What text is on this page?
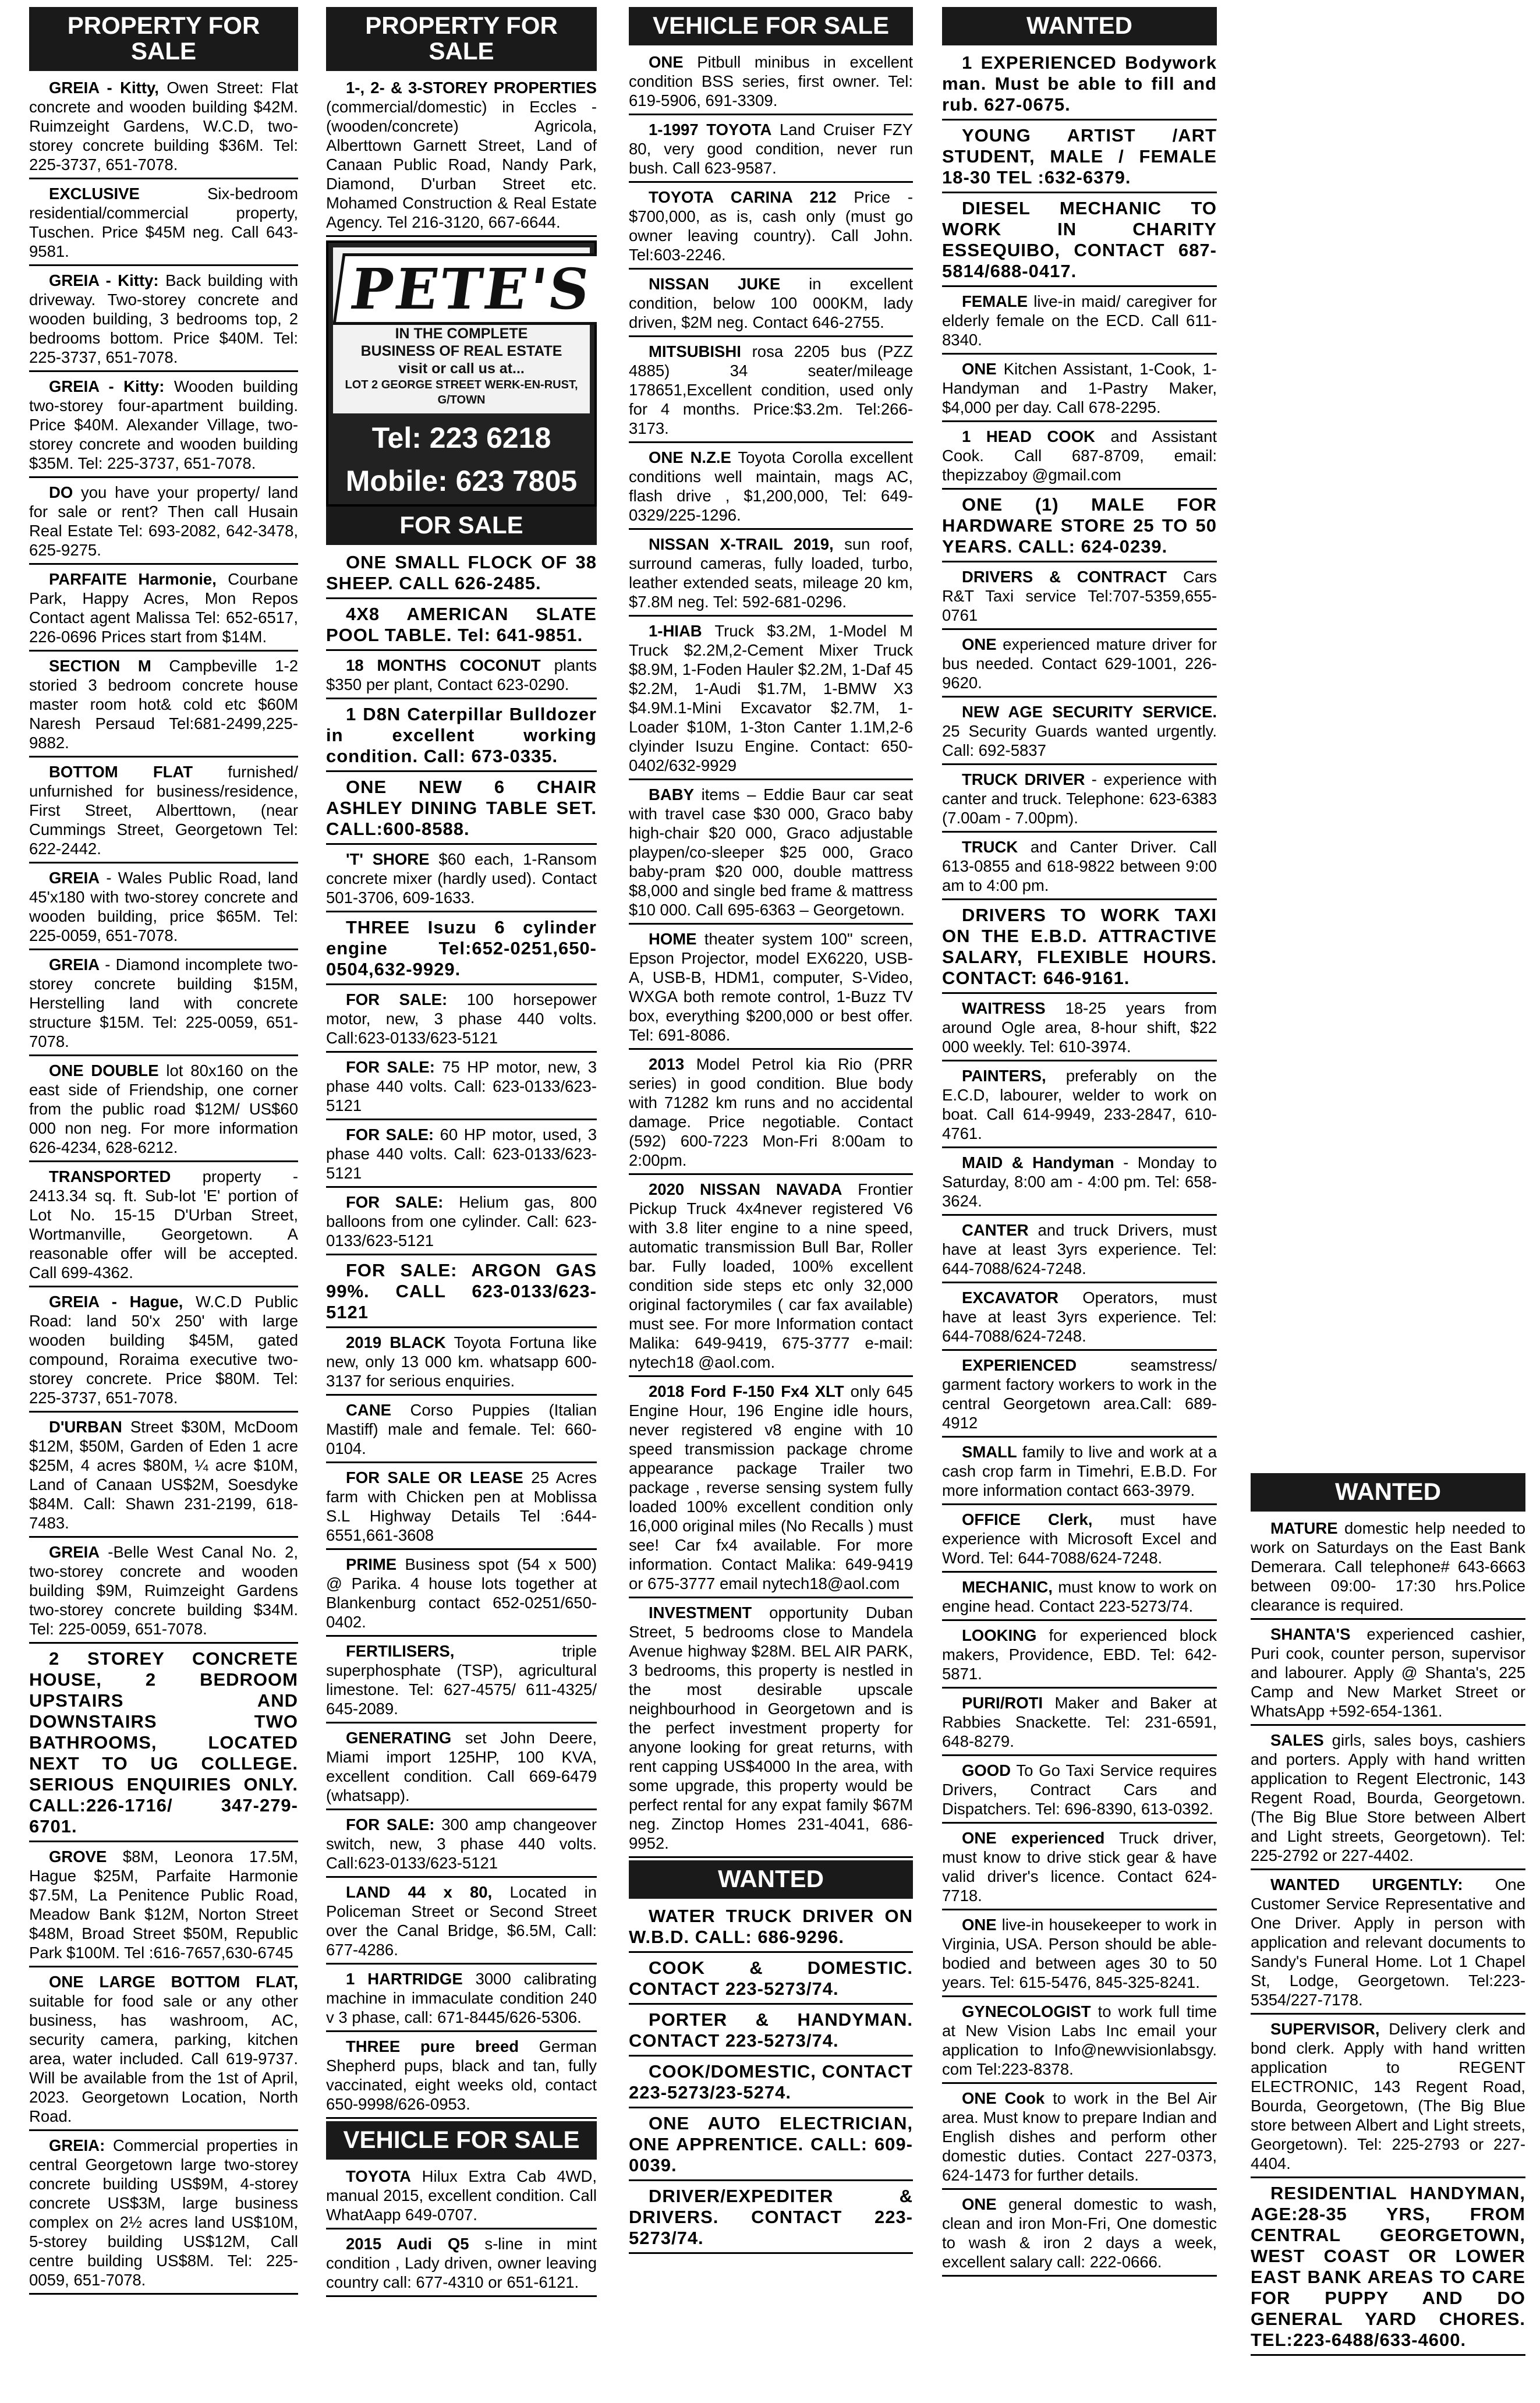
PROPERTY FOR SALE
GREIA - Kitty, Owen Street: Flat concrete and wooden building $42M. Ruimzeight Gardens, W.C.D, two-storey concrete building $36M. Tel: 225-3737, 651-7078.
EXCLUSIVE	Six-bedroom residential/commercial property, Tuschen. Price $45M neg. Call 643-9581.
GREIA - Kitty: Back building with driveway. Two-storey concrete and wooden building, 3 bedrooms top, 2 bedrooms bottom. Price $40M. Tel: 225-3737, 651-7078.
GREIA - Kitty: Wooden building two-storey four-apartment building. Price $40M. Alexander Village, two-storey concrete and wooden building $35M. Tel: 225-3737, 651-7078.
DO you have your property/ land for sale or rent? Then call Husain Real Estate Tel: 693-2082, 642-3478, 625-9275.
PARFAITE Harmonie, Courbane Park, Happy Acres, Mon Repos Contact agent Malissa Tel: 652-6517, 226-0696 Prices start from $14M.
SECTION M Campbeville 1-2 storied 3 bedroom concrete house master room hot& cold etc $60M Naresh Persaud Tel:681-2499,225-9882.
BOTTOM FLAT furnished/ unfurnished for business/residence, First Street, Alberttown, (near Cummings Street, Georgetown Tel: 622-2442.
GREIA - Wales Public Road, land 45'x180 with two-storey concrete and wooden building, price $65M. Tel: 225-0059, 651-7078.
GREIA - Diamond incomplete two-storey concrete building $15M, Herstelling land with concrete structure $15M. Tel: 225-0059, 651-7078.
ONE DOUBLE lot 80x160 on the east side of Friendship, one corner from the public road $12M/ US$60 000 non neg. For more information 626-4234, 628-6212.
TRANSPORTED property - 2413.34 sq. ft. Sub-lot 'E' portion of Lot No. 15-15 D'Urban Street, Wortmanville, Georgetown. A reasonable offer will be accepted. Call 699-4362.
GREIA - Hague, W.C.D Public Road: land 50'x 250' with large wooden building $45M, gated compound, Roraima executive two- storey concrete. Price $80M. Tel: 225-3737, 651-7078.
D'URBAN Street $30M, McDoom $12M, $50M, Garden of Eden 1 acre $25M, 4 acres $80M, ¼ acre $10M, Land of Canaan US$2M, Soesdyke $84M. Call: Shawn 231-2199, 618-7483.
GREIA -Belle West Canal No. 2, two-storey concrete and wooden building $9M, Ruimzeight Gardens two-storey concrete building $34M. Tel: 225-0059, 651-7078.
2 STOREY CONCRETE HOUSE, 2 BEDROOM UPSTAIRS AND DOWNSTAIRS TWO BATHROOMS, LOCATED NEXT TO UG COLLEGE. SERIOUS ENQUIRIES ONLY. CALL:226-1716/ 347-279-6701.
GROVE $8M, Leonora 17.5M, Hague $25M, Parfaite Harmonie $7.5M, La Penitence Public Road, Meadow Bank $12M, Norton Street $48M, Broad Street $50M, Republic Park $100M. Tel :616-7657,630-6745
ONE LARGE BOTTOM FLAT, suitable for food sale or any other business, has washroom, AC, security camera, parking, kitchen area, water included. Call 619-9737. Will be available from the 1st of April, 2023. Georgetown Location, North Road.
GREIA: Commercial properties in central Georgetown large two-storey concrete building US$9M, 4-storey concrete US$3M, large business complex on 2½ acres land US$10M, 5-storey building US$12M, Call centre building US$8M. Tel: 225-0059, 651-7078.
PROPERTY FOR SALE
1-, 2- & 3-STOREY PROPERTIES (commercial/domestic) in Eccles - (wooden/concrete) Agricola, Alberttown Garnett Street, Land of Canaan Public Road, Nandy Park, Diamond, D'urban Street etc. Mohamed Construction & Real Estate Agency. Tel 216-3120, 667-6644.
PETE'S
IN THE COMPLETE
BUSINESS OF REAL ESTATE
visit or call us at...
LOT 2 GEORGE STREET WERK-EN-RUST, G/TOWN
Tel: 223 6218
Mobile: 623 7805
FOR SALE
ONE SMALL FLOCK OF 38 SHEEP. CALL 626-2485.
4X8 AMERICAN SLATE POOL TABLE. Tel: 641-9851.
18 MONTHS COCONUT plants $350 per plant, Contact 623-0290.
1 D8N Caterpillar Bulldozer in excellent working condition. Call: 673-0335.
ONE NEW 6 CHAIR ASHLEY DINING TABLE SET. CALL:600-8588.
'T' SHORE $60 each, 1-Ransom concrete mixer (hardly used). Contact 501-3706, 609-1633.
THREE Isuzu 6 cylinder engine Tel:652-0251,650-0504,632-9929.
FOR SALE: 100 horsepower motor, new, 3 phase 440 volts. Call:623-0133/623-5121
FOR SALE: 75 HP motor, new, 3 phase 440 volts. Call: 623-0133/623-5121
FOR SALE: 60 HP motor, used, 3 phase 440 volts. Call: 623-0133/623-5121
FOR SALE: Helium gas, 800 balloons from one cylinder. Call: 623-0133/623-5121
FOR SALE: ARGON GAS 99%. CALL 623-0133/623-5121
2019 BLACK Toyota Fortuna like new, only 13 000 km. whatsapp 600-3137 for serious enquiries.
CANE Corso Puppies (Italian Mastiff) male and female. Tel: 660-0104.
FOR SALE OR LEASE 25 Acres farm with Chicken pen at Moblissa S.L Highway Details Tel :644-6551,661-3608
PRIME Business spot (54 x 500) @ Parika. 4 house lots together at Blankenburg contact 652-0251/650-0402.
FERTILISERS,	triple superphosphate (TSP), agricultural limestone. Tel: 627-4575/ 611-4325/ 645-2089.
GENERATING set John Deere, Miami import 125HP, 100 KVA, excellent condition. Call 669-6479 (whatsapp).
FOR SALE: 300 amp changeover switch, new, 3 phase 440 volts. Call:623-0133/623-5121
LAND 44 x 80, Located in Policeman Street or Second Street over the Canal Bridge, $6.5M, Call: 677-4286.
1 HARTRIDGE 3000 calibrating machine in immaculate condition 240 v 3 phase, call: 671-8445/626-5306.
THREE pure breed German Shepherd pups, black and tan, fully vaccinated, eight weeks old, contact 650-9998/626-0953.
VEHICLE FOR SALE
TOYOTA Hilux Extra Cab 4WD, manual 2015, excellent condition. Call WhatAapp 649-0707.
2015 Audi Q5 s-line in mint condition , Lady driven, owner leaving country call: 677-4310 or 651-6121.
VEHICLE FOR SALE
ONE Pitbull minibus in excellent condition BSS series, first owner. Tel: 619-5906, 691-3309.
1-1997 TOYOTA Land Cruiser FZY 80, very good condition, never run bush. Call 623-9587.
TOYOTA CARINA 212 Price - $700,000, as is, cash only (must go owner leaving country). Call John. Tel:603-2246.
NISSAN JUKE in excellent condition, below 100 000KM, lady driven, $2M neg. Contact 646-2755.
MITSUBISHI rosa 2205 bus (PZZ 4885) 34 seater/mileage 178651,Excellent condition, used only for 4 months. Price:$3.2m. Tel:266-3173.
ONE N.Z.E Toyota Corolla excellent conditions well maintain, mags AC, flash drive , $1,200,000, Tel: 649-0329/225-1296.
NISSAN X-TRAIL 2019, sun roof, surround cameras, fully loaded, turbo, leather extended seats, mileage 20 km, $7.8M neg. Tel: 592-681-0296.
1-HIAB Truck $3.2M, 1-Model M Truck $2.2M,2-Cement Mixer Truck $8.9M, 1-Foden Hauler $2.2M, 1-Daf 45 $2.2M, 1-Audi $1.7M, 1-BMW X3 $4.9M.1-Mini Excavator $2.7M, 1-Loader $10M, 1-3ton Canter 1.1M,2-6 clyinder Isuzu Engine. Contact: 650-0402/632-9929
BABY items – Eddie Baur car seat with travel case $30 000, Graco baby high-chair $20 000, Graco adjustable playpen/co-sleeper $25 000, Graco baby-pram $20 000, double mattress $8,000 and single bed frame & mattress $10 000. Call 695-6363 – Georgetown.
HOME theater system 100" screen, Epson Projector, model EX6220, USB-A, USB-B, HDM1, computer, S-Video, WXGA both remote control, 1-Buzz TV box, everything $200,000 or best offer. Tel: 691-8086.
2013 Model Petrol kia Rio (PRR series) in good condition. Blue body with 71282 km runs and no accidental damage. Price negotiable. Contact (592) 600-7223 Mon-Fri 8:00am to 2:00pm.
2020 NISSAN NAVADA Frontier Pickup Truck 4x4never registered V6 with 3.8 liter engine to a nine speed, automatic transmission Bull Bar, Roller bar. Fully loaded, 100% excellent condition side steps etc only 32,000 original factorymiles ( car fax available) must see. For more Information contact Malika: 649-9419, 675-3777 e-mail: nytech18 @aol.com.
2018 Ford F-150 Fx4 XLT only 645 Engine Hour, 196 Engine idle hours, never registered v8 engine with 10 speed transmission package chrome appearance package Trailer two package , reverse sensing system fully loaded 100% excellent condition only 16,000 original miles (No Recalls ) must see! Car fx4 available. For more information. Contact Malika: 649-9419 or 675-3777 email nytech18@aol.com
INVESTMENT opportunity Duban Street, 5 bedrooms close to Mandela Avenue highway $28M. BEL AIR PARK, 3 bedrooms, this property is nestled in the most desirable upscale neighbourhood in Georgetown and is the perfect investment property for anyone looking for great returns, with rent capping US$4000 In the area, with some upgrade, this property would be perfect rental for any expat family $67M neg. Zinctop Homes 231-4041, 686-9952.
WANTED
WATER TRUCK DRIVER ON W.B.D. CALL: 686-9296.
COOK & DOMESTIC. CONTACT 223-5273/74.
PORTER & HANDYMAN. CONTACT 223-5273/74.
COOK/DOMESTIC, CONTACT 223-5273/23-5274.
ONE AUTO ELECTRICIAN, ONE APPRENTICE. CALL: 609-0039.
DRIVER/EXPEDITER & DRIVERS. CONTACT 223-5273/74.
WANTED
1 EXPERIENCED Bodywork man. Must be able to fill and rub. 627-0675.
YOUNG ARTIST /ART STUDENT, MALE / FEMALE 18-30 TEL :632-6379.
DIESEL MECHANIC TO WORK IN CHARITY ESSEQUIBO, CONTACT 687-5814/688-0417.
FEMALE live-in maid/ caregiver for elderly female on the ECD. Call 611-8340.
ONE Kitchen Assistant, 1-Cook, 1-Handyman and 1-Pastry Maker, $4,000 per day. Call 678-2295.
1 HEAD COOK and Assistant Cook. Call 687-8709, email: thepizzaboy @gmail.com
ONE (1) MALE FOR HARDWARE STORE 25 TO 50 YEARS. CALL: 624-0239.
DRIVERS & CONTRACT Cars R&T Taxi service Tel:707-5359,655-0761
ONE experienced mature driver for bus needed. Contact 629-1001, 226-9620.
NEW AGE SECURITY SERVICE. 25 Security Guards wanted urgently. Call: 692-5837
TRUCK DRIVER - experience with canter and truck. Telephone: 623-6383 (7.00am - 7.00pm).
TRUCK and Canter Driver. Call 613-0855 and 618-9822 between 9:00 am to 4:00 pm.
DRIVERS TO WORK TAXI ON THE E.B.D. ATTRACTIVE SALARY, FLEXIBLE HOURS. CONTACT: 646-9161.
WAITRESS 18-25 years from around Ogle area, 8-hour shift, $22 000 weekly. Tel: 610-3974.
PAINTERS, preferably on the E.C.D, labourer, welder to work on boat. Call 614-9949, 233-2847, 610-4761.
MAID & Handyman - Monday to Saturday, 8:00 am - 4:00 pm. Tel: 658-3624.
CANTER and truck Drivers, must have at least 3yrs experience. Tel: 644-7088/624-7248.
EXCAVATOR Operators, must have at least 3yrs experience. Tel: 644-7088/624-7248.
EXPERIENCED	seamstress/ garment factory workers to work in the central Georgetown area.Call: 689-4912
SMALL family to live and work at a cash crop farm in Timehri, E.B.D. For more information contact 663-3979.
OFFICE Clerk, must have experience with Microsoft Excel and Word. Tel: 644-7088/624-7248.
MECHANIC, must know to work on engine head. Contact 223-5273/74.
LOOKING for experienced block makers, Providence, EBD. Tel: 642-5871.
PURI/ROTI Maker and Baker at Rabbies Snackette. Tel: 231-6591, 648-8279.
GOOD To Go Taxi Service requires Drivers, Contract Cars and Dispatchers. Tel: 696-8390, 613-0392.
ONE experienced Truck driver, must know to drive stick gear & have valid driver's licence. Contact 624-7718.
ONE live-in housekeeper to work in Virginia, USA. Person should be able-bodied and between ages 30 to 50 years. Tel: 615-5476, 845-325-8241.
GYNECOLOGIST to work full time at New Vision Labs Inc email your application to Info@newvisionlabsgy. com Tel:223-8378.
ONE Cook to work in the Bel Air area. Must know to prepare Indian and English dishes and perform other domestic duties. Contact 227-0373, 624-1473 for further details.
ONE general domestic to wash, clean and iron Mon-Fri, One domestic to wash & iron 2 days a week, excellent salary call: 222-0666.
WANTED
MATURE domestic help needed to work on Saturdays on the East Bank Demerara. Call telephone# 643-6663 between 09:00- 17:30 hrs.Police clearance is required.
SHANTA'S experienced cashier, Puri cook, counter person, supervisor and labourer. Apply @ Shanta's, 225 Camp and New Market Street or WhatsApp +592-654-1361.
SALES girls, sales boys, cashiers and porters. Apply with hand written application to Regent Electronic, 143 Regent Road, Bourda, Georgetown. (The Big Blue Store between Albert and Light streets, Georgetown). Tel: 225-2792 or 227-4402.
WANTED URGENTLY: One Customer Service Representative and One Driver. Apply in person with application and relevant documents to Sandy's Funeral Home. Lot 1 Chapel St, Lodge, Georgetown. Tel:223-5354/227-7178.
SUPERVISOR, Delivery clerk and bond clerk. Apply with hand written application to REGENT ELECTRONIC, 143 Regent Road, Bourda, Georgetown, (The Big Blue store between Albert and Light streets, Georgetown). Tel: 225-2793 or 227-4404.
RESIDENTIAL HANDYMAN, AGE:28-35 YRS, FROM CENTRAL GEORGETOWN, WEST COAST OR LOWER EAST BANK AREAS TO CARE FOR PUPPY AND DO GENERAL YARD CHORES. TEL:223-6488/633-4600.
